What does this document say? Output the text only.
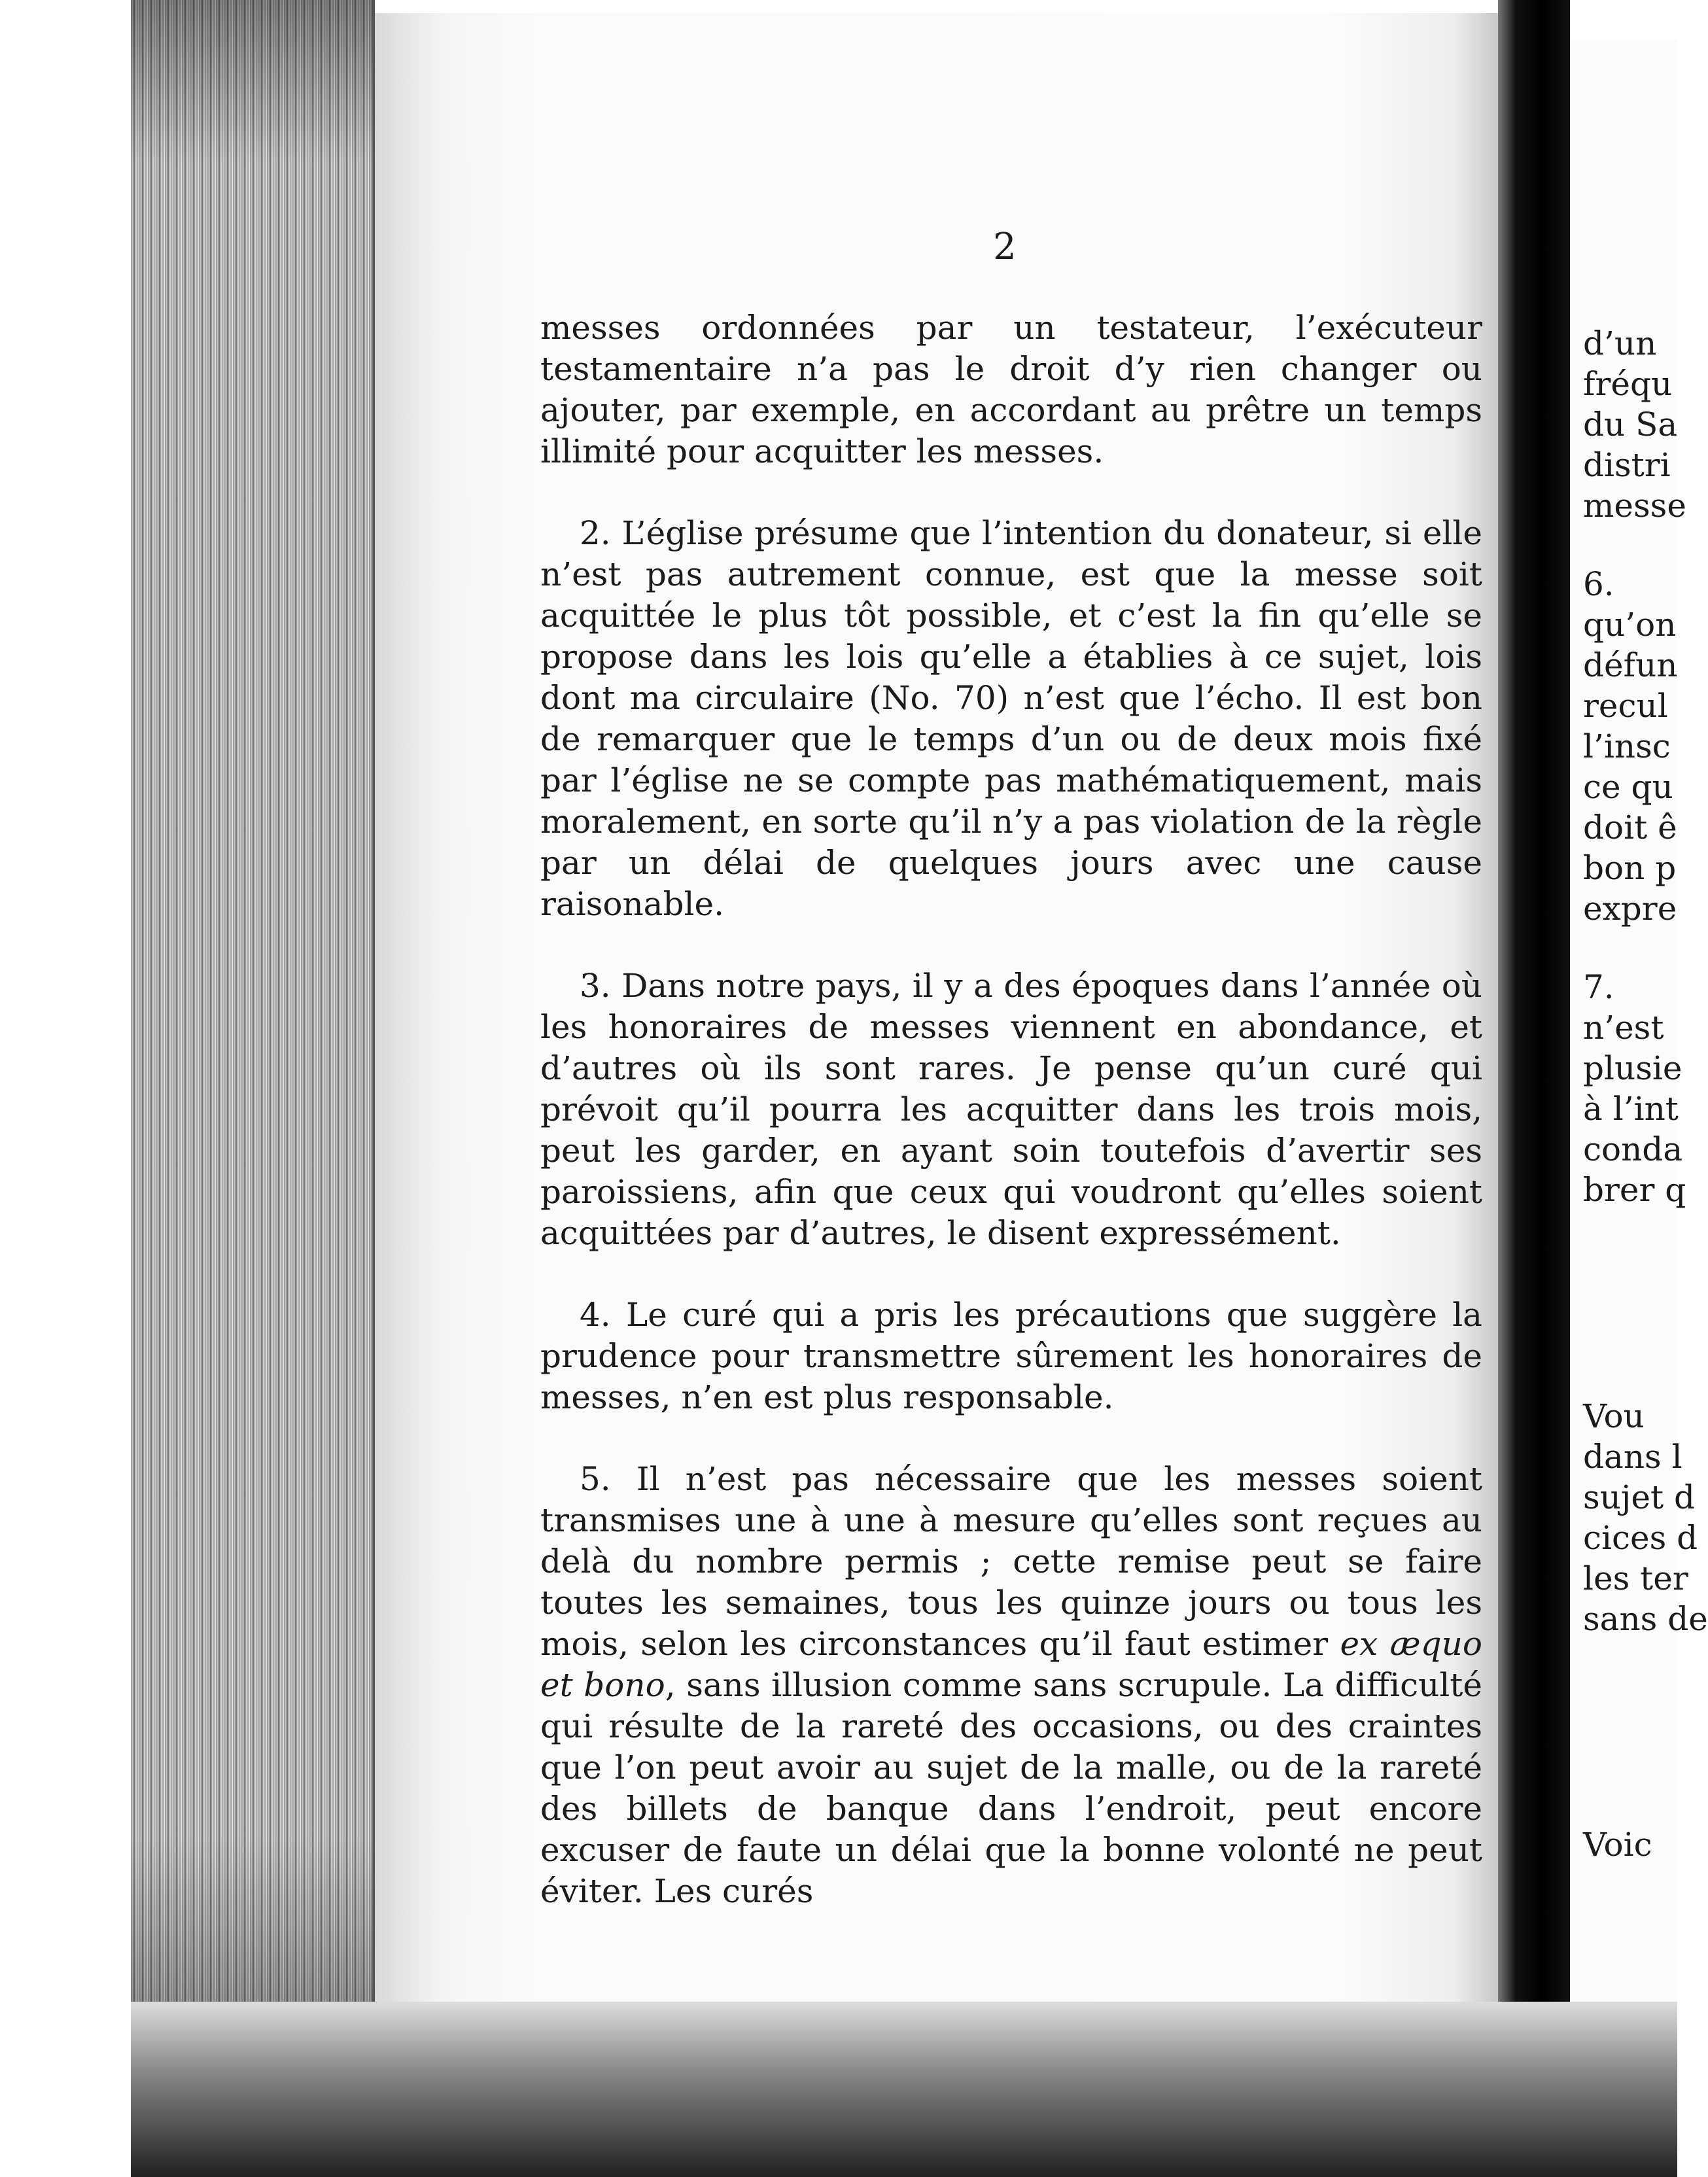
2

messes ordonnées par un testateur, l’exécuteur testamentaire n’a pas le droit d’y rien changer ou ajouter, par exemple, en accordant au prêtre un temps illimité pour acquitter les messes.

2. L’église présume que l’intention du donateur, si elle n’est pas autrement connue, est que la messe soit acquittée le plus tôt possible, et c’est la fin qu’elle se propose dans les lois qu’elle a établies à ce sujet, lois dont ma circulaire (No. 70) n’est que l’écho. Il est bon de remarquer que le temps d’un ou de deux mois fixé par l’église ne se compte pas mathématiquement, mais moralement, en sorte qu’il n’y a pas violation de la règle par un délai de quelques jours avec une cause raisonable.

3. Dans notre pays, il y a des époques dans l’année où les honoraires de messes viennent en abondance, et d’autres où ils sont rares. Je pense qu’un curé qui prévoit qu’il pourra les acquitter dans les trois mois, peut les garder, en ayant soin toutefois d’avertir ses paroissiens, afin que ceux qui voudront qu’elles soient acquittées par d’autres, le disent expressément.

4. Le curé qui a pris les précautions que suggère la prudence pour transmettre sûrement les honoraires de messes, n’en est plus responsable.

5. Il n’est pas nécessaire que les messes soient transmises une à une à mesure qu’elles sont reçues au delà du nombre permis ; cette remise peut se faire toutes les semaines, tous les quinze jours ou tous les mois, selon les circonstances qu’il faut estimer ex æquo et bono, sans illusion comme sans scrupule. La difficulté qui résulte de la rareté des occasions, ou des craintes que l’on peut avoir au sujet de la malle, ou de la rareté des billets de banque dans l’endroit, peut encore excuser de faute un délai que la bonne volonté ne peut éviter. Les curés

d’un
fréqu
du Sa
distri
messe
6.
qu’on
défun
recul
l’insc
ce qu
doit ê
bon p
expre
7.
n’est
plusie
à l’int
conda
brer q
Vou
dans l
sujet d
cices d
les ter
sans de
Voic
